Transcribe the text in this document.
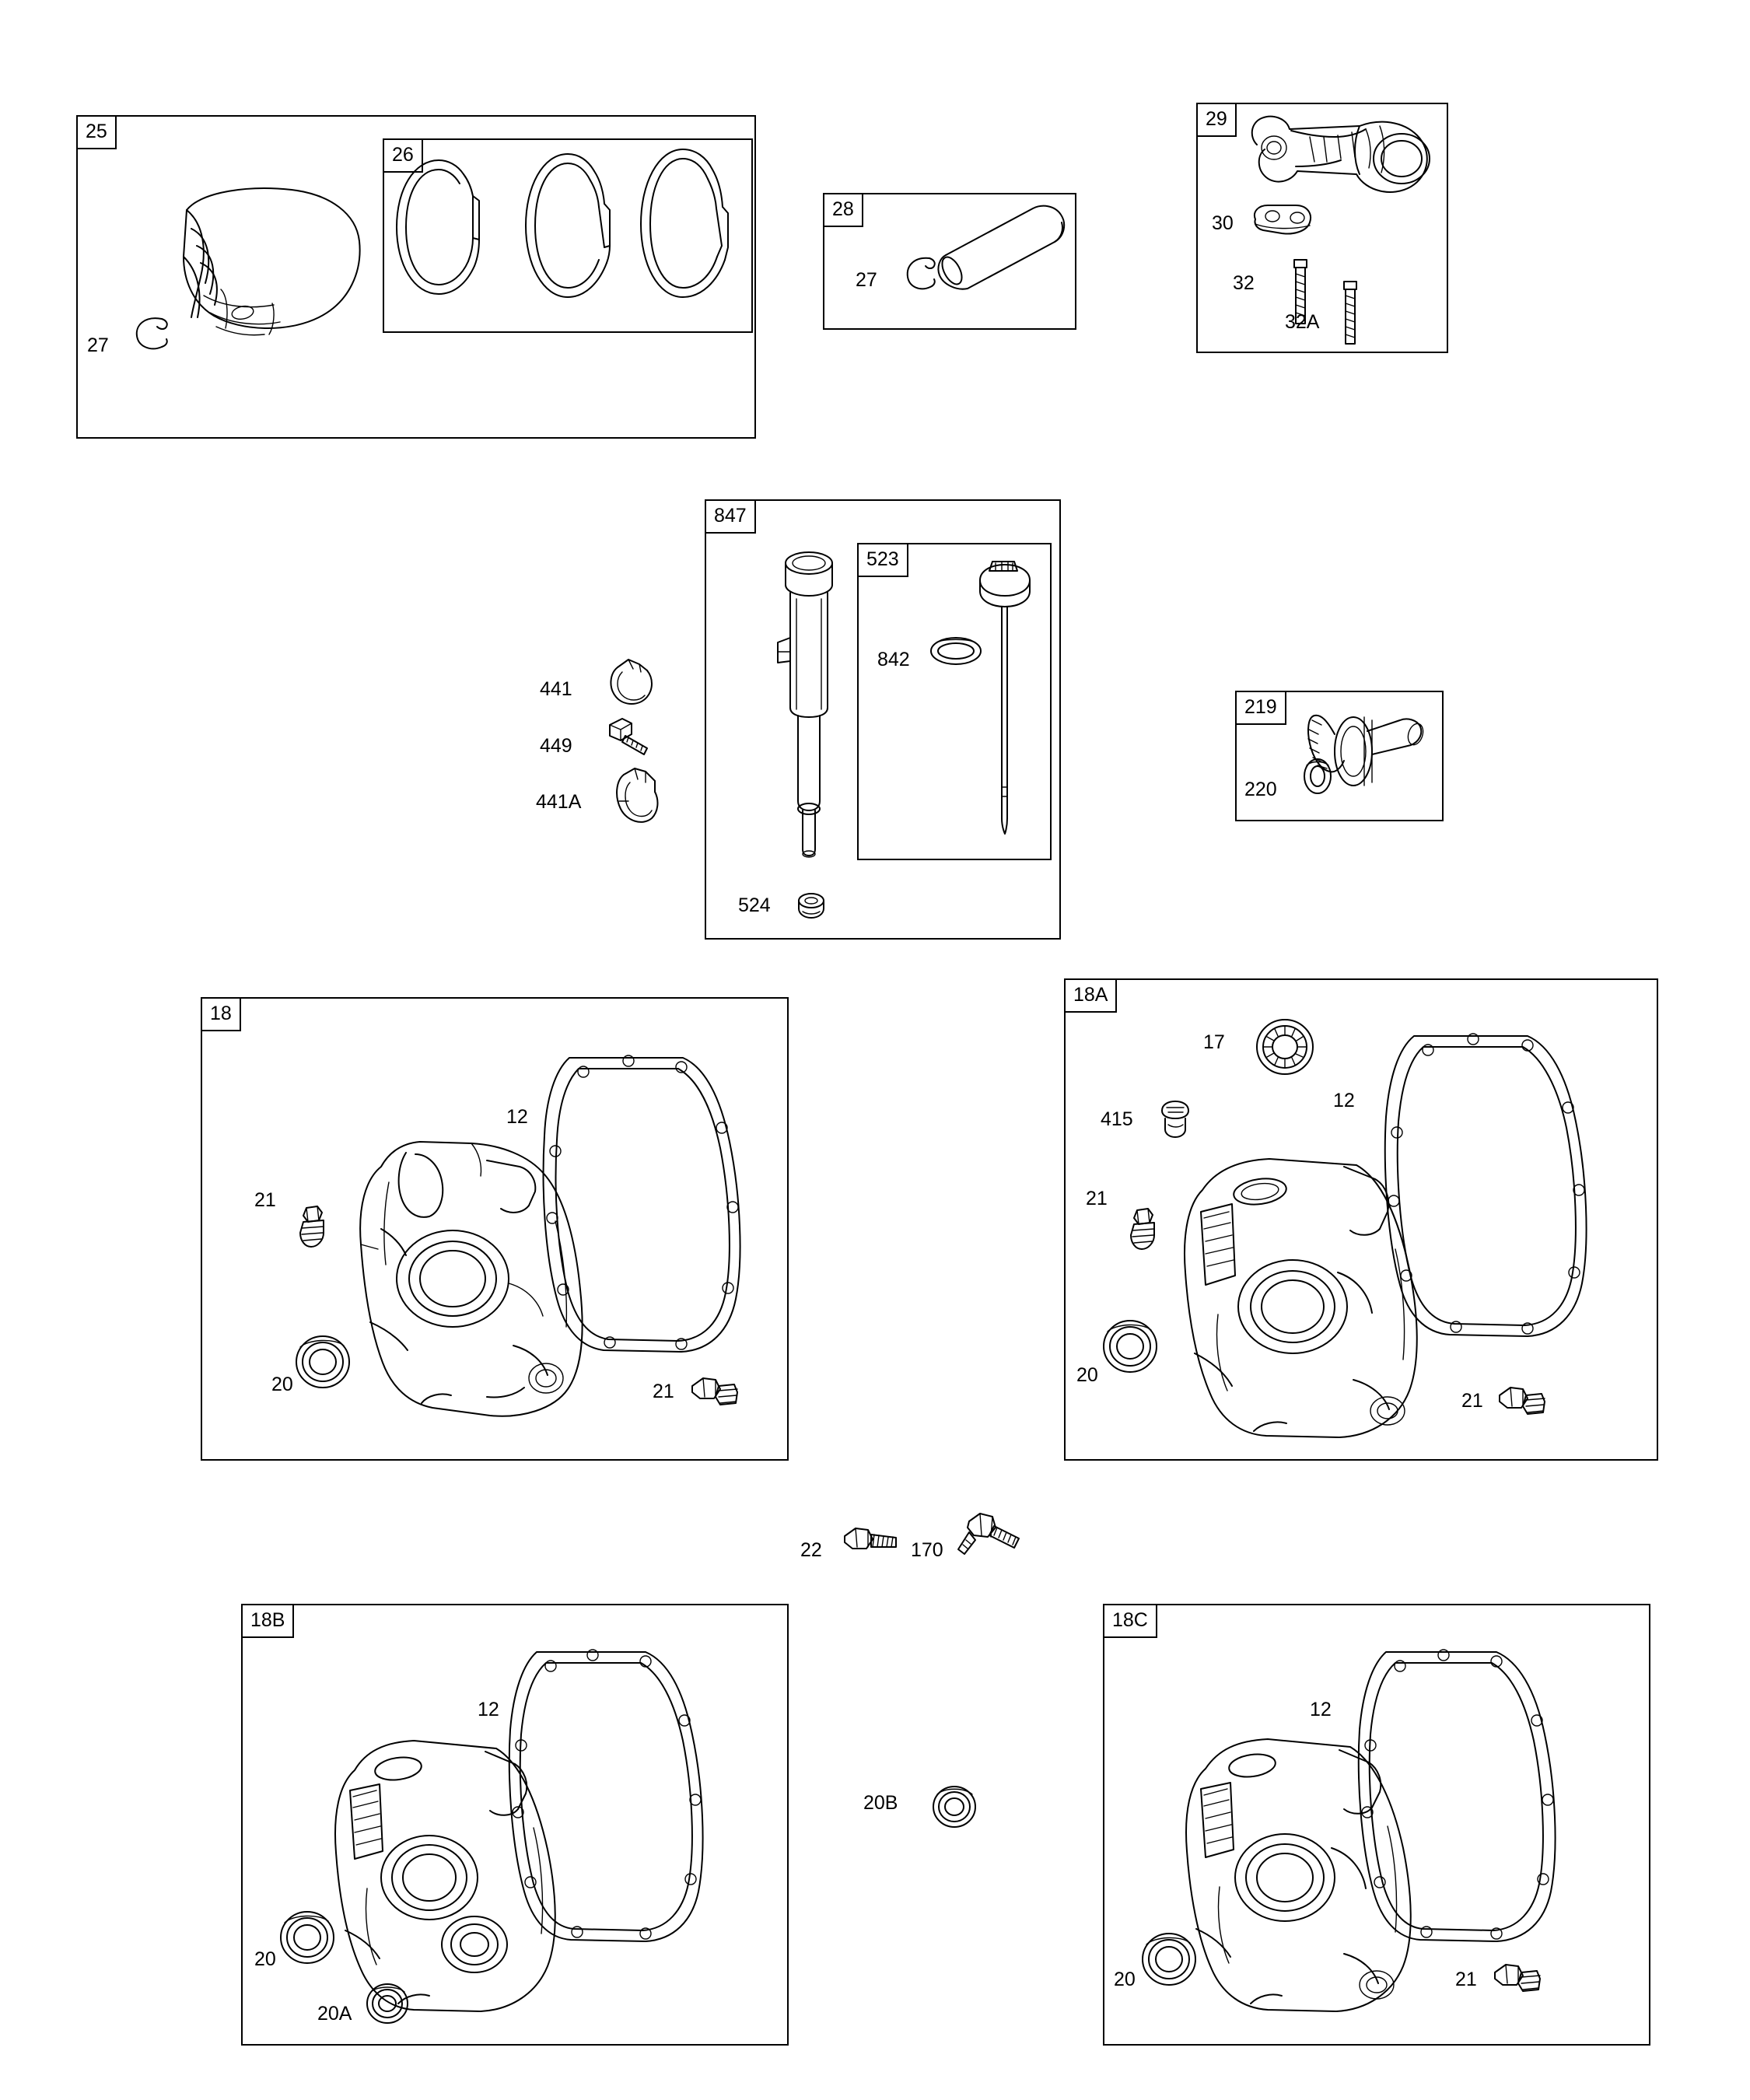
25
27
26
28
27
29
30
32
32A
847
441
449
441A
524
523
842
219
220
18
12
21
20	21
18A
17
415
12
21
20
21
22	170
18B
12
20
20A
20B
18C
12
20	21
